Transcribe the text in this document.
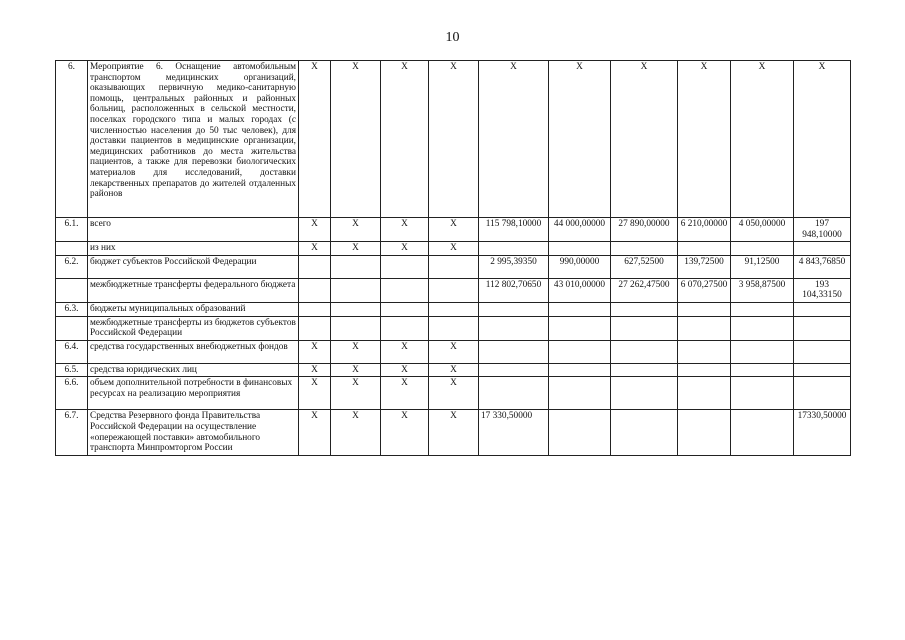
10
6.	Мероприятие 6. Оснащение автомобильным транспортом медицинских организаций, оказывающих первичную медико-санитарную помощь, центральных районных и районных больниц, расположенных в сельской местности, поселках городского типа и малых городах (с численностью населения до 50 тыс человек), для доставки пациентов в медицинские организации, медицинских работников до места жительства пациентов, а также для перевозки биологических материалов для исследований, доставки лекарственных препаратов до жителей отдаленных районов	X	X	X	X	X	X	X	X	X	X
6.1.	всего	X	X	X	X	115 798,10000	44 000,00000	27 890,00000	6 210,00000	4 050,00000	197 948,10000
	из них	X	X	X	X						
6.2.	бюджет субъектов Российской Федерации					2 995,39350	990,00000	627,52500	139,72500	91,12500	4 843,76850
	межбюджетные трансферты федерального бюджета					112 802,70650	43 010,00000	27 262,47500	6 070,27500	3 958,87500	193 104,33150
6.3.	бюджеты муниципальных образований										
	межбюджетные трансферты из бюджетов субъектов Российской Федерации										
6.4.	средства государственных внебюджетных фондов	X	X	X	X						
6.5.	средства юридических лиц	X	X	X	X						
6.6.	объем дополнительной потребности в финансовых ресурсах на реализацию мероприятия	X	X	X	X						
6.7.	Средства Резервного фонда Правительства Российской Федерации на осуществление «опережающей поставки» автомобильного транспорта Минпромторгом России	X	X	X	X	17 330,50000					17330,50000
